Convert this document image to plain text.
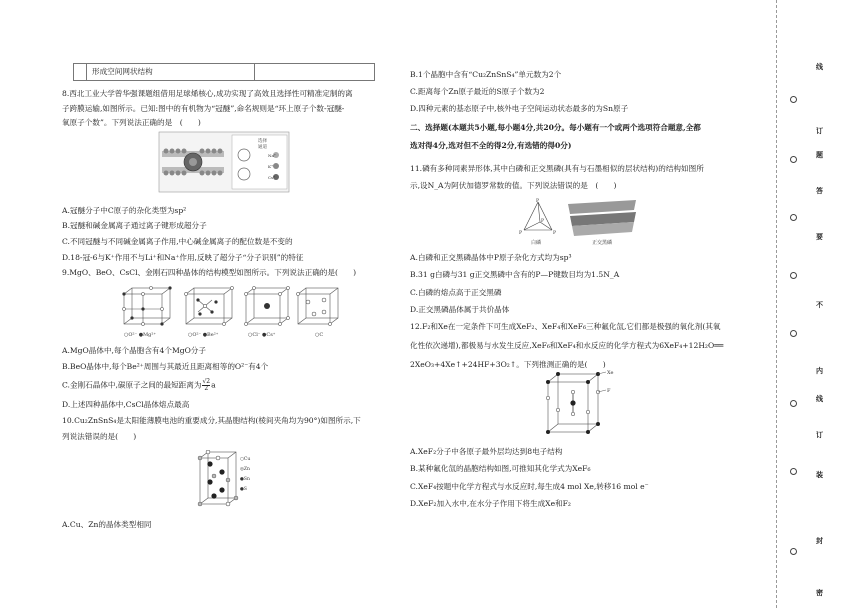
形成空间网状结构
8.西北工业大学曾华强课题组借用足球烯核心,成功实现了高效且选择性可精准定制的离
子跨膜运输,如图所示。已知:图中的有机物为“冠醚”,命名规则是“环上原子个数-冠醚-
氧原子个数”。下列说法正确的是　(　　)
选择
通道
Na⁺
K⁺
Cs⁺
A.冠醚分子中C原子的杂化类型为sp²
B.冠醚和碱金属离子通过离子键形成超分子
C.不同冠醚与不同碱金属离子作用,中心碱金属离子的配位数是不变的
D.18-冠-6与K⁺作用不与Li⁺和Na⁺作用,反映了超分子“分子识别”的特征
9.MgO、BeO、CsCl、金刚石四种晶体的结构模型如图所示。下列说法正确的是(　　)
○O²⁻ ●Mg²⁺	○O²⁻ ●Be²⁺	○Cl⁻ ●Cs⁺	○C
A.MgO晶体中,每个晶胞含有4个MgO分子
B.BeO晶体中,每个Be²⁺周围与其最近且距离相等的O²⁻有4个
C.金刚石晶体中,碳原子之间的最短距离为 $\frac{√2}{2}$ a
D.上述四种晶体中,CsCl晶体熔点最高
10.Cu₂ZnSnS₄是太阳能薄膜电池的重要成分,其晶胞结构(棱间夹角均为90°)如图所示,下
列说法错误的是(　　)
○Cu
◎Zn
●Sn
●S
A.Cu、Zn的晶体类型相同
B.1个晶胞中含有“Cu₂ZnSnS₄”单元数为2个
C.距离每个Zn原子最近的S原子个数为2
D.四种元素的基态原子中,核外电子空间运动状态最多的为Sn原子
二、选择题(本题共5小题,每小题4分,共20分。每小题有一个或两个选项符合题意,全都
选对得4分,选对但不全的得2分,有选错的得0分)
11.磷有多种同素异形体,其中白磷和正交黑磷(具有与石墨相似的层状结构)的结构如图所
示,设N_A为阿伏加德罗常数的值。下列说法错误的是　(　　)
P
P	P
P
白磷	正交黑磷
A.白磷和正交黑磷晶体中P原子杂化方式均为sp³
B.31 g白磷与31 g正交黑磷中含有的P—P键数目均为1.5N_A
C.白磷的熔点高于正交黑磷
D.正交黑磷晶体属于共价晶体
12.F₂和Xe在一定条件下可生成XeF₂、XeF₄和XeF₆三种氟化氙,它们都是极强的氧化剂(其氧
化性依次递增),都极易与水发生反应,XeF₆和XeF₄和水反应的化学方程式为6XeF₄+12H₂O══
2XeO₃+4Xe↑+24HF+3O₂↑。下列推测正确的是(　　)
Xe
F
A.XeF₂分子中各原子最外层均达到8电子结构
B.某种氟化氙的晶胞结构如图,可推知其化学式为XeF₆
C.XeF₄按题中化学方程式与水反应时,每生成4 mol Xe,转移16 mol e⁻
D.XeF₂加入水中,在水分子作用下将生成Xe和F₂
线
订
题
答
要
不
内
线
订
装
封
密
